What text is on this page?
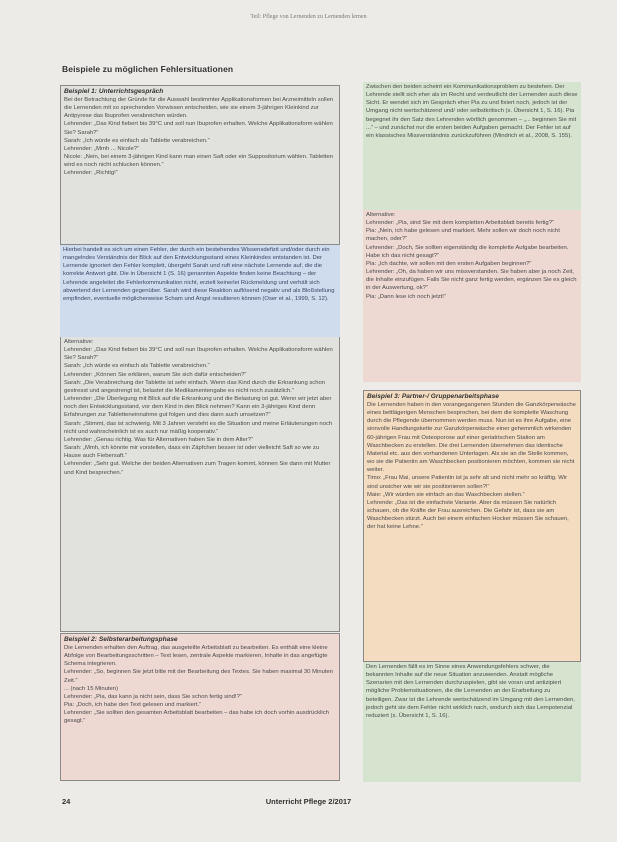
Teil: Pflege von Lernenden zu Lernenden lernen
Beispiele zu möglichen Fehlersituationen

Beispiel 1: Unterrichtsgespräch

Bei der Betrachtung der Gründe für die Auswahl bestimmter Applikationsformen bei Arzneimitteln sollen die Lernenden mit so sprechenden Vorwissen entscheiden, wie sie einem 3-jährigen Kleinkind zur Antipyrese das Ibuprofen verabreichen würden.
Lehrender: „Das Kind fiebert bis 39°C und soll nun Ibuprofen erhalten. Welche Applikationsform wählen Sie? Sarah?“
Sarah: „Ich würde es einfach als Tablette verabreichen.“
Lehrender: „Mmh ... Nicole?“
Nicole: „Nein, bei einem 3-jährigen Kind kann man einen Saft oder ein Suppositorium wählen. Tabletten wird es noch nicht schlucken können.“
Lehrender: „Richtig!“

Hierbei handelt es sich um einen Fehler, der durch ein bestehendes Wissensdefizit und/oder durch ein mangelndes Verständnis der Blick auf den Entwicklungsstand eines Kleinkindes entstanden ist. Der Lernende ignoriert den Fehler komplett, übergeht Sarah und ruft eine nächste Lernende auf, die die korrekte Antwort gibt. Die in Übersicht 1 (S. 16) genannten Aspekte finden keine Beachtung – der Lehrende angeleitet die Fehlerkommunikation nicht, erzielt keinerlei Rückmeldung und verhält sich abwertend der Lernenden gegenüber. Sarah wird diese Reaktion auflösend negativ und als Bloßstellung empfinden, eventuelle möglicherweise Scham und Angst resultieren können (Oser et al., 1999, S. 12).

Alternative:
Lehrender: „Das Kind fiebert bis 39°C und soll nun Ibuprofen erhalten. Welche Applikationsform wählen Sie? Sarah?“
Sarah: „Ich würde es einfach als Tablette verabreichen.“
Lehrender: „Können Sie erklären, warum Sie sich dafür entscheiden?“
Sarah: „Die Verabreichung der Tablette ist sehr einfach. Wenn das Kind durch die Erkrankung schon gestresst und angestrengt ist, belastet die Medikamentengabe es nicht noch zusätzlich.“
Lehrender: „Die Überlegung mit Blick auf die Erkrankung und die Belastung ist gut. Wenn wir jetzt aber noch den Entwicklungsstand, vor dem Kind in den Blick nehmen? Kann ein 3-jähriges Kind denn Erfahrungen zur Tabletteneinnahme gut folgen und dies dann auch umsetzen?“
Sarah: „Stimmt, das ist schwierig. Mit 3 Jahren versteht es die Situation und meine Erläuterungen noch nicht und wahrscheinlich ist es auch nur mäßig kooperativ.“
Lehrender: „Genau richtig. Was für Alternativen haben Sie in dem Alter?“
Sarah: „Mmh, ich könnte mir vorstellen, dass ein Zäpfchen besser ist oder vielleicht Saft so wie zu Hause auch Fiebersaft.“
Lehrender: „Sehr gut. Welche der beiden Alternativen zum Tragen kommt, können Sie dann mit Mutter und Kind besprechen.“

Beispiel 2: Selbsterarbeitungsphase

Die Lernenden erhalten den Auftrag, das ausgeteilte Arbeitsblatt zu bearbeiten. Es enthält eine kleine Abfolge von Bearbeitungsschritten – Text lesen, zentrale Aspekte markieren, Inhalte in das angefügte Schema integrieren.
Lehrender: „So, beginnen Sie jetzt bitte mit der Bearbeitung des Textes. Sie haben maximal 30 Minuten Zeit.“
... (nach 15 Minuten)
Lehrender: „Pia, das kann ja nicht sein, dass Sie schon fertig sind!?“
Pia: „Doch, ich habe den Text gelesen und markiert.“
Lehrender: „Sie sollten den gesamten Arbeitsblatt bearbeiten – das habe ich doch vorhin ausdrücklich gesagt.“

Zwischen den beiden scheint ein Kommunikationsproblem zu bestehen. Der Lehrende stellt sich eher als im Recht und verdeutlicht der Lernenden auch diese Sicht. Er wendet sich im Gespräch eher Pia zu und fixiert noch, jedoch ist der Umgang nicht wertschätzend und/ oder selbstkritisch (s. Übersicht 1, S. 16). Pia begegnet ihr den Satz des Lehrenden wörtlich genommen – „... beginnen Sie mit ...“ – und zunächst nur die ersten beiden Aufgaben gemacht. Der Fehler ist auf ein klassisches Missverständnis zurückzuführen (Mindrich et al., 2008, S. 155).

Alternative:
Lehrender: „Pia, sind Sie mit dem kompletten Arbeitsblatt bereits fertig?“
Pia: „Nein, ich habe gelesen und markiert. Mehr sollen wir doch noch nicht machen, oder?“
Lehrender: „Doch, Sie sollten eigenständig die komplette Aufgabe bearbeiten. Habe ich das nicht gesagt?“
Pia: „Ich dachte, wir sollen mit den ersten Aufgaben beginnen?“
Lehrender: „Oh, da haben wir uns missverstanden. Sie haben aber ja noch Zeit, die Inhalte einzufügen. Falls Sie nicht ganz fertig werden, ergänzen Sie es gleich in der Auswertung, ok?“
Pia: „Dann lese ich noch jetzt!“

Beispiel 3: Partner-/ Gruppenarbeitsphase

Die Lernenden haben in den vorangegangenen Stunden die Ganzkörperwäsche eines bettlägerigen Menschen besprochen, bei dem die komplette Waschung durch die Pflegende übernommen werden muss. Nun ist es ihre Aufgabe, eine sinnvolle Handlungskette zur Ganzkörperwäsche einer gehemmlich wirkenden 60-jährigen Frau mit Osteoporose auf einer geriatrischen Station am Waschbecken zu erstellen. Die drei Lernenden übernehmen das identische Material etc. aus den vorhandenen Unterlagen. Als sie an die Stelle kommen, wo sie die Patientin am Waschbecken positionieren möchten, kommen sie nicht weiter.
Timo: „Frau Mai, unsere Patientin ist ja sehr alt und nicht mehr so kräftig. Wir sind unsicher wie wir sie positionieren sollen?!“
Maie: „Wir würden sie einfach an das Waschbecken stellen.“
Lehrende: „Das ist die einfachste Variante. Aber da müssen Sie natürlich schauen, ob die Kräfte der Frau ausreichen. Die Gefahr ist, dass sie am Waschbecken stürzt. Auch bei einem einfachen Hocker müssen Sie schauen, der hat keine Lehne.“

Den Lernenden fällt es im Sinne eines Anwendungsfehlers schwer, die bekannten Inhalte auf die neue Situation anzuwenden. Anstatt mögliche Szenarien mit den Lernenden durchzuspielen, gibt sie voran und antizipiert mögliche Problemsituationen, die die Lernenden an der Erarbeitung zu beteiligen. Zwar ist die Lehrende wertschätzend im Umgang mit den Lernenden, jedoch geht sie dem Fehler nicht wirklich nach, wodurch sich das Lernpotenzial reduziert (s. Übersicht 1, S. 16).

Unterricht Pflege 2/2017
24
